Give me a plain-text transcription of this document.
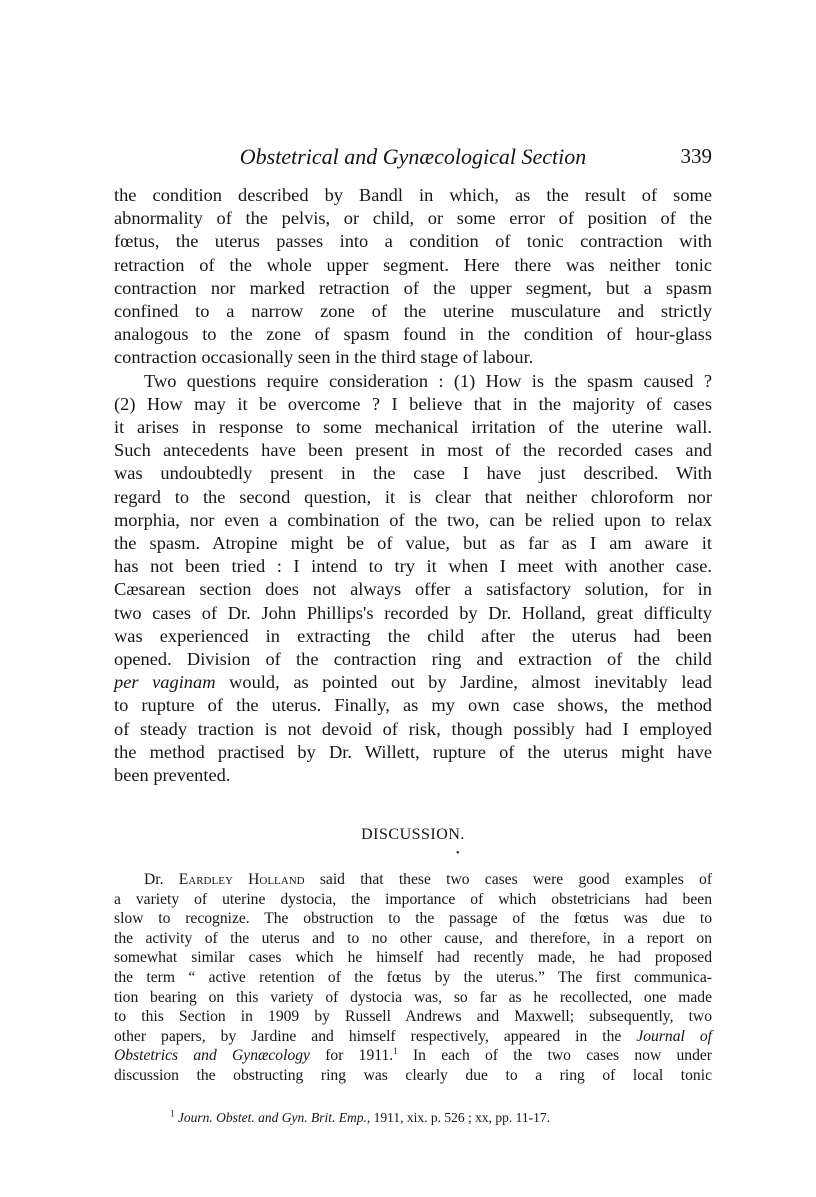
Obstetrical and Gynæcological Section	339

the condition described by Bandl in which, as the result of some
abnormality of the pelvis, or child, or some error of position of the
fœtus, the uterus passes into a condition of tonic contraction with
retraction of the whole upper segment. Here there was neither tonic
contraction nor marked retraction of the upper segment, but a spasm
confined to a narrow zone of the uterine musculature and strictly
analogous to the zone of spasm found in the condition of hour-glass
contraction occasionally seen in the third stage of labour.

Two questions require consideration : (1) How is the spasm caused ?
(2) How may it be overcome ? I believe that in the majority of cases
it arises in response to some mechanical irritation of the uterine wall.
Such antecedents have been present in most of the recorded cases and
was undoubtedly present in the case I have just described. With
regard to the second question, it is clear that neither chloroform nor
morphia, nor even a combination of the two, can be relied upon to relax
the spasm. Atropine might be of value, but as far as I am aware it
has not been tried : I intend to try it when I meet with another case.
Cæsarean section does not always offer a satisfactory solution, for in
two cases of Dr. John Phillips's recorded by Dr. Holland, great difficulty
was experienced in extracting the child after the uterus had been
opened. Division of the contraction ring and extraction of the child
per vaginam would, as pointed out by Jardine, almost inevitably lead
to rupture of the uterus. Finally, as my own case shows, the method
of steady traction is not devoid of risk, though possibly had I employed
the method practised by Dr. Willett, rupture of the uterus might have
been prevented.

DISCUSSION.
•
Dr. Eardley Holland said that these two cases were good examples of
a variety of uterine dystocia, the importance of which obstetricians had been
slow to recognize. The obstruction to the passage of the fœtus was due to
the activity of the uterus and to no other cause, and therefore, in a report on
somewhat similar cases which he himself had recently made, he had proposed
the term “ active retention of the fœtus by the uterus.” The first communica-
tion bearing on this variety of dystocia was, so far as he recollected, one made
to this Section in 1909 by Russell Andrews and Maxwell; subsequently, two
other papers, by Jardine and himself respectively, appeared in the Journal of
Obstetrics and Gynæcology for 1911.$^1$ In each of the two cases now under
discussion the obstructing ring was clearly due to a ring of local tonic
$^1$ Journ. Obstet. and Gyn. Brit. Emp., 1911, xix. p. 526 ; xx, pp. 11-17.
